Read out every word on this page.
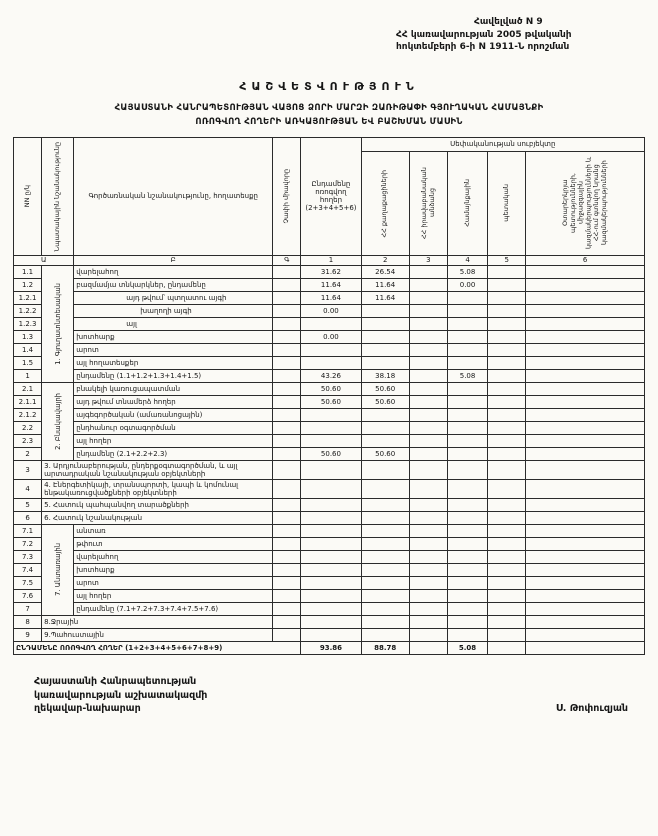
Հավելված N 9
ՀՀ կառավարության 2005 թվականի
հոկտեմբերի 6-ի N 1911-Ն որոշման
ՀԱՇՎԵՏՎՈՒԹՅՈՒՆ
ՀԱՅԱՍՏԱՆԻ ՀԱՆՐԱՊԵՏՈՒԹՅԱՆ ՎԱՅՈՑ ՁՈՐԻ ՄԱՐԶԻ ԶԱՌԻԹԱՓԻ ԳՅՈՒՂԱԿԱՆ ՀԱՄԱՅՆՔԻ
ՈՌՈԳՎՈՂ ՀՈՂԵՐԻ ԱՌԿԱՅՈՒԹՅԱՆ ԵՎ ԲԱՇԽՄԱՆ ՄԱՍԻՆ
NN ը/կ	Նպատակային նշանակությունը	Գործառնական նշանակությունը, հողատեսքը	Չափի միավորը	Ընդամենը ոռոգվող հողեր (2+3+4+5+6)	Սեփականության սուբյեկտը				

					ՀՀ քաղաքացիների	ՀՀ իրավաբանական անձանց	Համայնքային	պետական	Օտարերկրյա պետությունների, միջազգային կազմակերպությունների և ՀՀ-ում գտնվող նրանց կազմակերպությունների

Ա		Բ	Գ	1	2	3	4	5	6
1.1	1. Գյուղատնտեսական	վարելահող		31.62	26.54		5.08		
1.2		բազմամյա տնկարկներ, ընդամենը		11.64	11.64		0.00		
1.2.1		այդ թվում՝ պտղատու այգի		11.64	11.64				
1.2.2		խաղողի այգի		0.00					
1.2.3		այլ							
1.3		խոտհարք		0.00					
1.4		արոտ							
1.5		այլ հողատեսքեր							
1		ընդամենը (1.1+1.2+1.3+1.4+1.5)		43.26	38.18		5.08		
2.1	2. Բնակավայրի	բնակելի կառուցապատման		50.60	50.60				
2.1.1		այդ թվում տնամերձ հողեր		50.60	50.60				
2.1.2		այգեգործական (ամառանոցային)							
2.2		ընդհանուր օգտագործման							
2.3		այլ հողեր							
2		ընդամենը (2.1+2.2+2.3)		50.60	50.60				
3	3. Արդյունաբերության, ընդերքօգտագործման, և այլ արտադրական նշանակության օբյեկտների								
4	4. Էներգետիկայի, տրանսպորտի, կապի և կոմունալ ենթակառուցվածքների օբյեկտների								
5	5. Հատուկ պահպանվող տարածքների								
6	6. Հատուկ նշանակության								
7.1	7. Անտառային	անտառ							
7.2		թփուտ							
7.3		վարելահող							
7.4		խոտհարք							
7.5		արոտ							
7.6		այլ հողեր							
7		ընդամենը (7.1+7.2+7.3+7.4+7.5+7.6)							
8	8.Ջրային								
9	9.Պահուստային								
ԸՆԴԱՄԵՆԸ ՈՌՈԳՎՈՂ ՀՈՂԵՐ (1+2+3+4+5+6+7+8+9)				93.86	88.78		5.08		
Հայաստանի Հանրապետության
կառավարության աշխատակազմի
ղեկավար-նախարար	Ս. Թոփուզյան
